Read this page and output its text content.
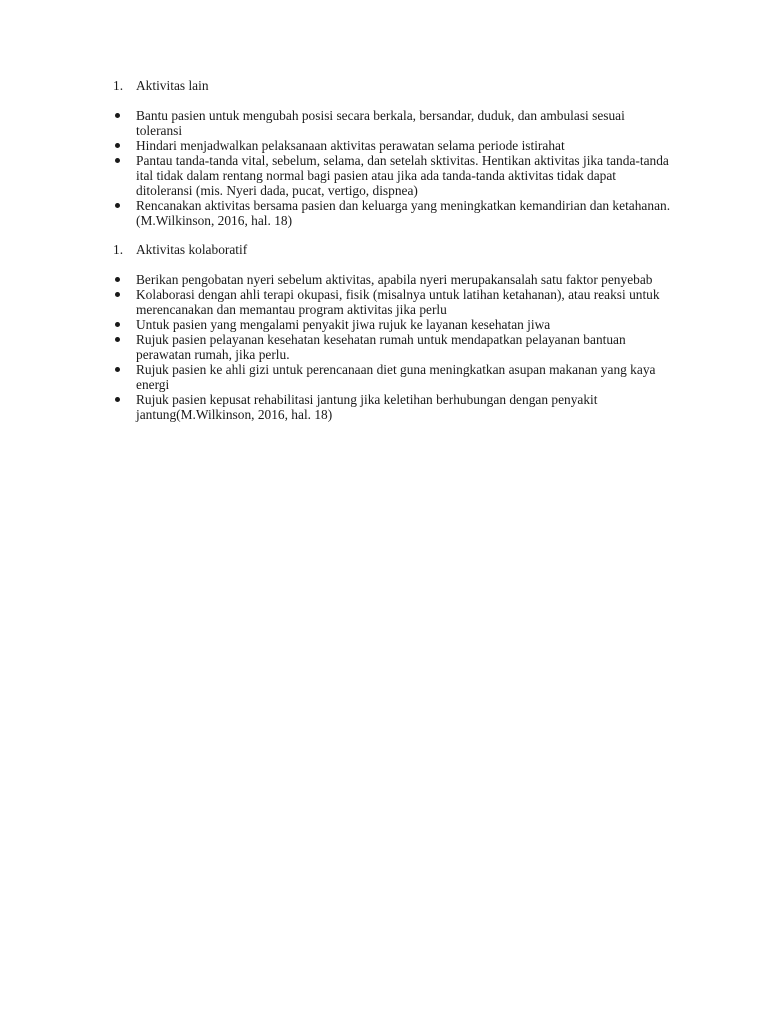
1. Aktivitas lain
Bantu pasien untuk mengubah posisi secara berkala, bersandar, duduk, dan ambulasi sesuai toleransi
Hindari menjadwalkan pelaksanaan aktivitas perawatan selama periode istirahat
Pantau tanda-tanda vital, sebelum, selama, dan setelah sktivitas. Hentikan aktivitas jika tanda-tanda ital tidak dalam rentang normal bagi pasien atau jika ada tanda-tanda aktivitas tidak dapat ditoleransi (mis. Nyeri dada, pucat, vertigo, dispnea)
Rencanakan aktivitas bersama pasien dan keluarga yang meningkatkan kemandirian dan ketahanan.(M.Wilkinson, 2016, hal. 18)
1. Aktivitas kolaboratif
Berikan pengobatan nyeri sebelum aktivitas, apabila nyeri merupakansalah satu faktor penyebab
Kolaborasi dengan ahli terapi okupasi, fisik (misalnya untuk latihan ketahanan), atau reaksi untuk merencanakan dan memantau program aktivitas jika perlu
Untuk pasien yang mengalami penyakit jiwa rujuk ke layanan kesehatan jiwa
Rujuk pasien pelayanan kesehatan kesehatan rumah untuk mendapatkan pelayanan bantuan perawatan rumah, jika perlu.
Rujuk pasien ke ahli gizi untuk perencanaan diet guna meningkatkan asupan makanan yang kaya energi
Rujuk pasien kepusat rehabilitasi jantung jika keletihan berhubungan dengan penyakit jantung(M.Wilkinson, 2016, hal. 18)
